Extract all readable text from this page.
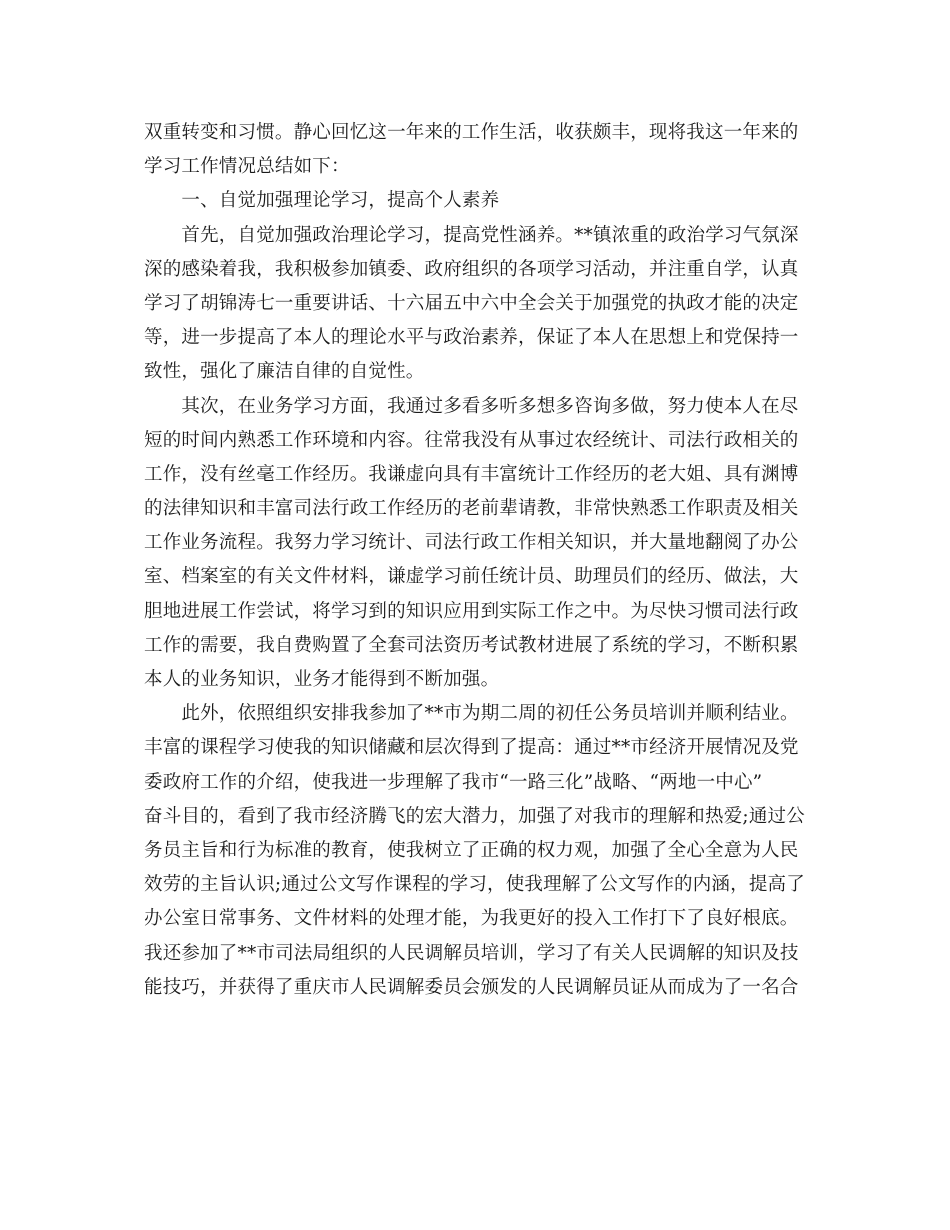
双重转变和习惯。静心回忆这一年来的工作生活，收获颇丰，现将我这一年来的
学习工作情况总结如下：
　　一、自觉加强理论学习，提高个人素养
　　首先，自觉加强政治理论学习，提高党性涵养。**镇浓重的政治学习气氛深
深的感染着我，我积极参加镇委、政府组织的各项学习活动，并注重自学，认真
学习了胡锦涛七一重要讲话、十六届五中六中全会关于加强党的执政才能的决定
等，进一步提高了本人的理论水平与政治素养，保证了本人在思想上和党保持一
致性，强化了廉洁自律的自觉性。
　　其次，在业务学习方面，我通过多看多听多想多咨询多做，努力使本人在尽
短的时间内熟悉工作环境和内容。往常我没有从事过农经统计、司法行政相关的
工作，没有丝毫工作经历。我谦虚向具有丰富统计工作经历的老大姐、具有渊博
的法律知识和丰富司法行政工作经历的老前辈请教，非常快熟悉工作职责及相关
工作业务流程。我努力学习统计、司法行政工作相关知识，并大量地翻阅了办公
室、档案室的有关文件材料，谦虚学习前任统计员、助理员们的经历、做法，大
胆地进展工作尝试，将学习到的知识应用到实际工作之中。为尽快习惯司法行政
工作的需要，我自费购置了全套司法资历考试教材进展了系统的学习，不断积累
本人的业务知识，业务才能得到不断加强。
　　此外，依照组织安排我参加了**市为期二周的初任公务员培训并顺利结业。
丰富的课程学习使我的知识储藏和层次得到了提高：通过**市经济开展情况及党
委政府工作的介绍，使我进一步理解了我市“一路三化”战略、“两地一中心”
奋斗目的，看到了我市经济腾飞的宏大潜力，加强了对我市的理解和热爱;通过公
务员主旨和行为标准的教育，使我树立了正确的权力观，加强了全心全意为人民
效劳的主旨认识;通过公文写作课程的学习，使我理解了公文写作的内涵，提高了
办公室日常事务、文件材料的处理才能，为我更好的投入工作打下了良好根底。
我还参加了**市司法局组织的人民调解员培训，学习了有关人民调解的知识及技
能技巧，并获得了重庆市人民调解委员会颁发的人民调解员证从而成为了一名合
